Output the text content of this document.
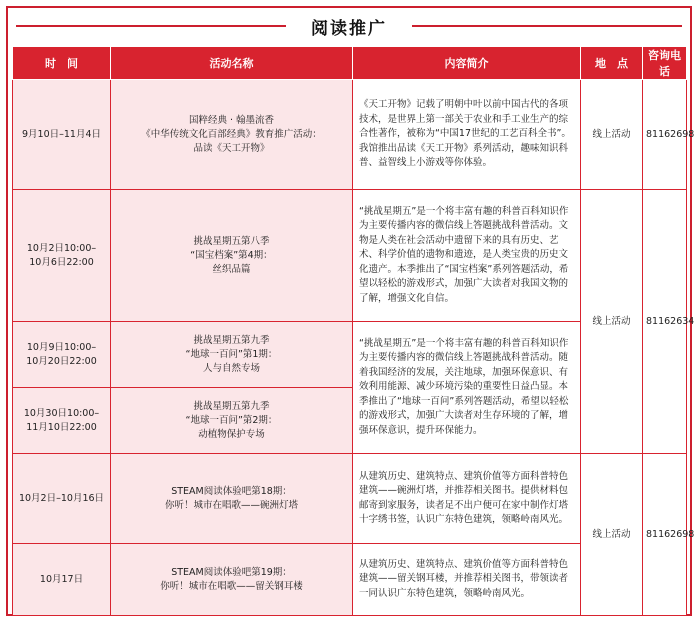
阅读推广
时　间	活动名称	内容简介	地　点	咨询电话

9月10日–11月4日	国粹经典 · 翰墨流香
《中华传统文化百部经典》教育推广活动：
品读《天工开物》	《天工开物》记载了明朝中叶以前中国古代的各项技术，是世界上第一部关于农业和手工业生产的综合性著作，被称为“中国17世纪的工艺百科全书”。我馆推出品读《天工开物》系列活动，趣味知识科普、益智线上小游戏等你体验。	线上活动	81162698

10月2日10:00–
10月6日22:00	挑战星期五第八季
“国宝档案”第4期：
丝织品篇	“挑战星期五”是一个将丰富有趣的科普百科知识作为主要传播内容的微信线上答题挑战科普活动。文物是人类在社会活动中遗留下来的具有历史、艺术、科学价值的遗物和遗迹，是人类宝贵的历史文化遗产。本季推出了“国宝档案”系列答题活动，希望以轻松的游戏形式，加强广大读者对我国文物的了解，增强文化自信。	线上活动	81162634

10月9日10:00–
10月20日22:00	挑战星期五第九季
“地球一百问”第1期：
人与自然专场	“挑战星期五”是一个将丰富有趣的科普百科知识作为主要传播内容的微信线上答题挑战科普活动。随着我国经济的发展，关注地球，加强环保意识、有效利用能源、减少环境污染的重要性日益凸显。本季推出了“地球一百问”系列答题活动，希望以轻松的游戏形式，加强广大读者对生存环境的了解，增强环保意识，提升环保能力。		

10月30日10:00–
11月10日22:00	挑战星期五第九季
“地球一百问”第2期：
动植物保护专场			

10月2日–10月16日	STEAM阅读体验吧第18期：
你听！城市在唱歌——碗洲灯塔	从建筑历史、建筑特点、建筑价值等方面科普特色建筑——碗洲灯塔，并推荐相关图书。提供材料包邮寄到家服务，读者足不出户便可在家中制作灯塔十字绣书签，认识广东特色建筑，领略岭南风光。	线上活动	81162698

10月17日	STEAM阅读体验吧第19期：
你听！城市在唱歌——留关钢耳楼	从建筑历史、建筑特点、建筑价值等方面科普特色建筑——留关钢耳楼，并推荐相关图书，带领读者一同认识广东特色建筑，领略岭南风光。		
